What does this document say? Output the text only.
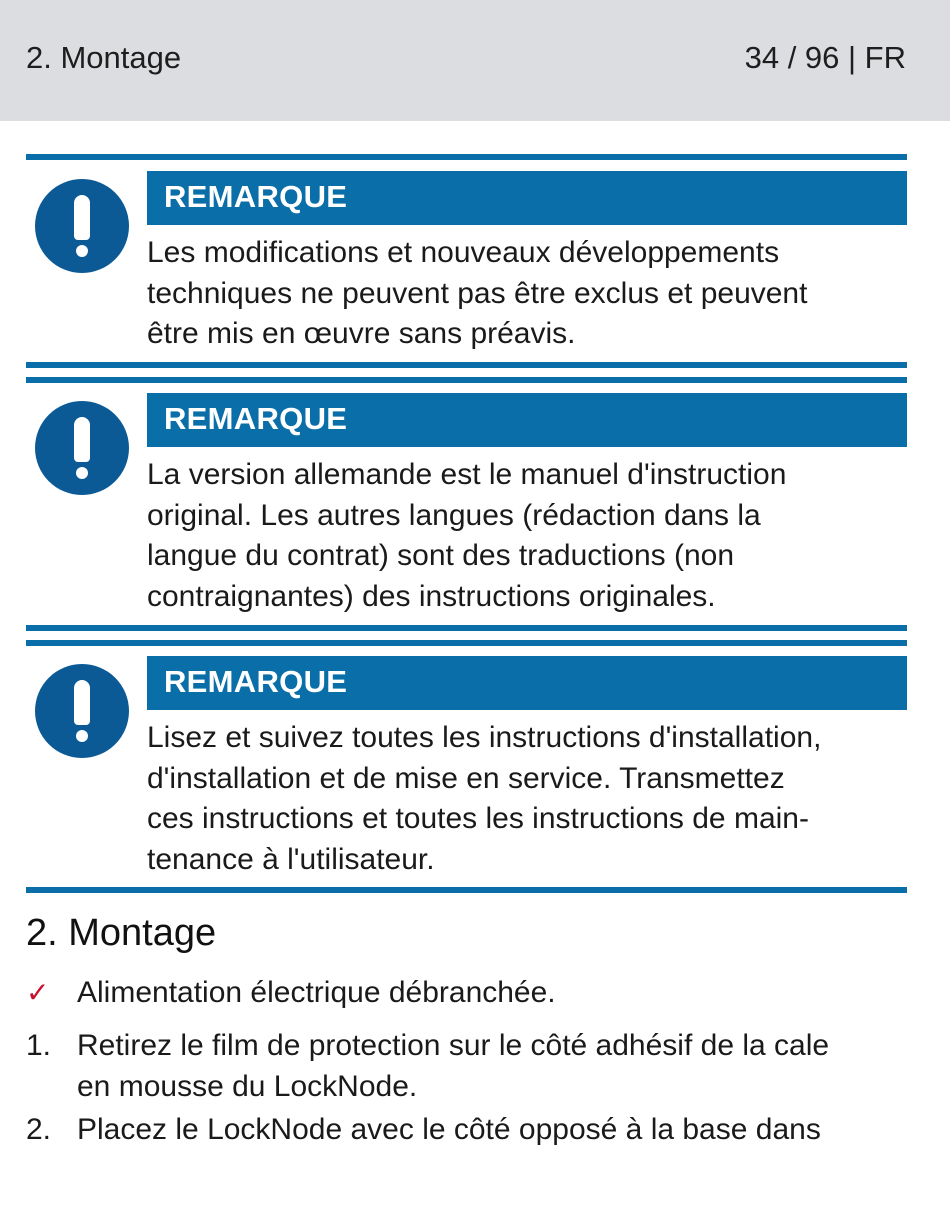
2. Montage	34 / 96 | FR
REMARQUE

Les modifications et nouveaux développements

techniques ne peuvent pas être exclus et peuvent

être mis en œuvre sans préavis.

REMARQUE

La version allemande est le manuel d'instruction

original. Les autres langues (rédaction dans la

langue du contrat) sont des traductions (non

contraignantes) des instructions originales.

REMARQUE

Lisez et suivez toutes les instructions d'installation,

d'installation et de mise en service. Transmettez

ces instructions et toutes les instructions de main-

tenance à l'utilisateur.

2. Montage
✓ Alimentation électrique débranchée.
1. Retirez le film de protection sur le côté adhésif de la cale
en mousse du LockNode.
2. Placez le LockNode avec le côté opposé à la base dans
